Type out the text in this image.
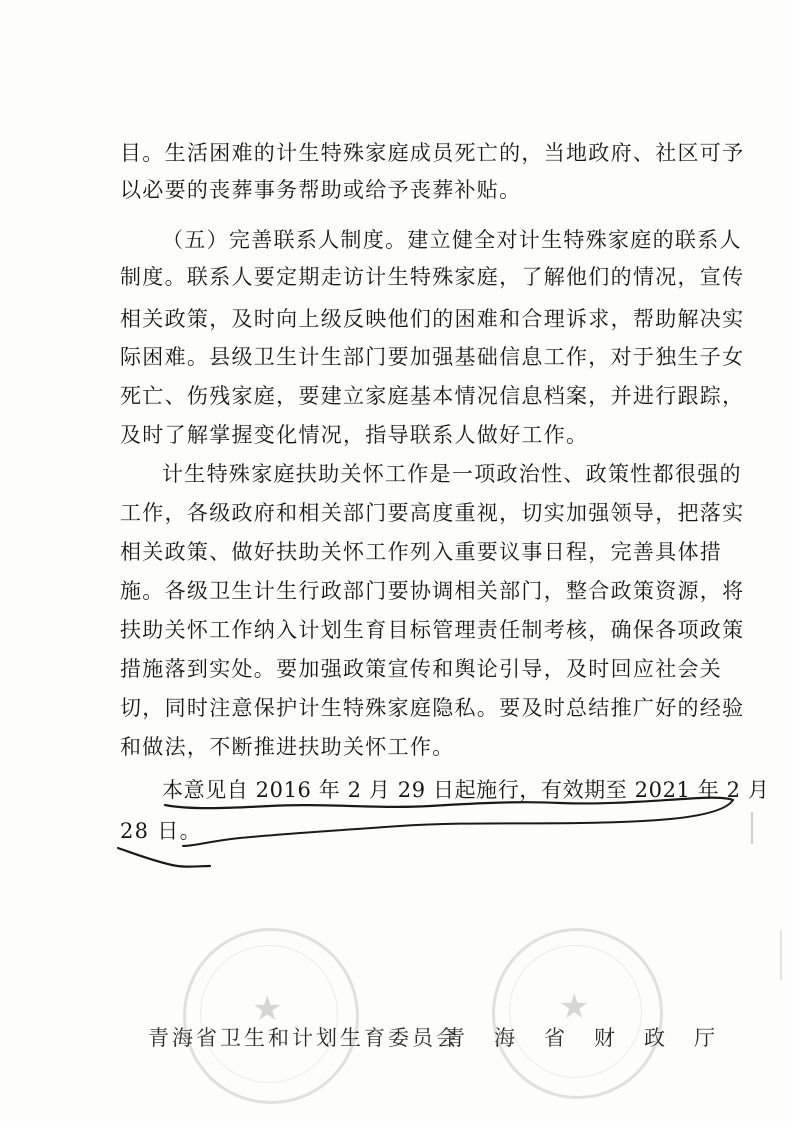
目。生活困难的计生特殊家庭成员死亡的，当地政府、社区可予
以必要的丧葬事务帮助或给予丧葬补贴。
（五）完善联系人制度。建立健全对计生特殊家庭的联系人
制度。联系人要定期走访计生特殊家庭，了解他们的情况，宣传
相关政策，及时向上级反映他们的困难和合理诉求，帮助解决实
际困难。县级卫生计生部门要加强基础信息工作，对于独生子女
死亡、伤残家庭，要建立家庭基本情况信息档案，并进行跟踪，
及时了解掌握变化情况，指导联系人做好工作。
计生特殊家庭扶助关怀工作是一项政治性、政策性都很强的
工作，各级政府和相关部门要高度重视，切实加强领导，把落实
相关政策、做好扶助关怀工作列入重要议事日程，完善具体措
施。各级卫生计生行政部门要协调相关部门，整合政策资源，将
扶助关怀工作纳入计划生育目标管理责任制考核，确保各项政策
措施落到实处。要加强政策宣传和舆论引导，及时回应社会关
切，同时注意保护计生特殊家庭隐私。要及时总结推广好的经验
和做法，不断推进扶助关怀工作。
本意见自 2016 年 2 月 29 日起施行，有效期至 2021 年 2 月
28 日。
★	★
青海省卫生和计划生育委员会
青　海　省　财　政　厅
